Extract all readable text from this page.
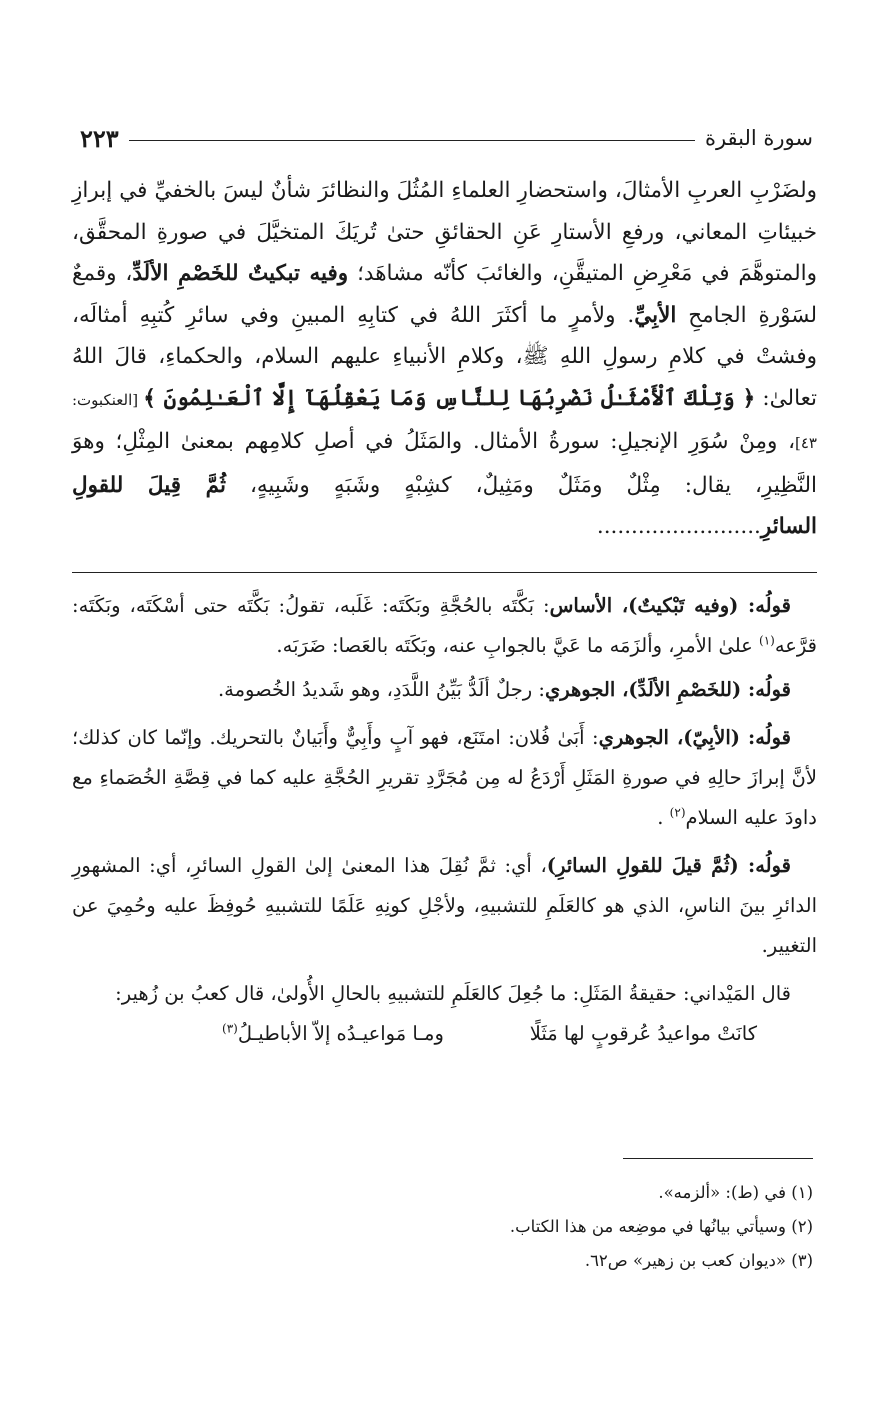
سورة البقرة
٢٢٣

ولضَرْبِ العربِ الأمثالَ، واستحضارِ العلماءِ المُثُلَ والنظائرَ شأنٌ ليسَ بالخفيِّ في إبرازِ خبيئاتِ المعاني، ورفعِ الأستارِ عَنِ الحقائقِ حتىٰ تُريَكَ المتخيَّلَ في صورةِ المحقَّق، والمتوهَّمَ في مَعْرِضِ المتيقَّنِ، والغائبَ كأنّه مشاهَد؛ وفيه تبكيتٌ للخَصْمِ الألَدِّ، وقمعٌ لسَوْرةِ الجامحِ الأبِيِّ. ولأمرٍ ما أكثَرَ اللهُ في كتابِهِ المبينِ وفي سائرِ كُتبِهِ أمثالَه، وفشتْ في كلامِ رسولِ اللهِ ﷺ، وكلامِ الأنبياءِ عليهم السلام، والحكماءِ، قالَ اللهُ تعالىٰ: ﴿ وَتِلْكَ ٱلْأَمْثَـٰلُ نَضْرِبُهَا لِلنَّاسِ وَمَا يَعْقِلُهَآ إِلَّا ٱلْعَـٰلِمُونَ ﴾ [العنكبوت: ٤٣]، ومِنْ سُوَرِ الإنجيلِ: سورةُ الأمثال. والمَثَلُ في أصلِ كلامِهم بمعنىٰ المِثْلِ؛ وهوَ النَّظِيرِ، يقال: مِثْلٌ ومَثَلٌ ومَثِيلٌ، كشِبْهٍ وشَبَهٍ وشَبِيهٍ، ثُمَّ قِيلَ للقولِ السائرِ........................

قولُه: (وفيه تَبْكيتٌ)، الأساس: بَكَّتَه بالحُجَّةِ وبَكَتَه: غَلَبه، تقولُ: بَكَّتَه حتى أسْكَتَه، وبَكَتَه: قرَّعه$^{(١)}$ علىٰ الأمرِ، وألزَمَه ما عَيَّ بالجوابِ عنه، وبَكَتَه بالعَصا: ضَرَبَه.

قولُه: (للخَصْمِ الألَدِّ)، الجوهري: رجلٌ ألَدُّ بَيِّنُ اللَّدَدِ، وهو شَديدُ الخُصومة.

قولُه: (الأبِيّ)، الجوهري: أَبَىٰ فُلان: امتَنَع، فهو آبٍ وأَبِيٌّ وأَبَيانٌ بالتحريك. وإنّما كان كذلك؛ لأنَّ إبرازَ حالِهِ في صورةِ المَثَلِ أَرْدَعُ له مِن مُجَرَّدِ تقريرِ الحُجَّةِ عليه كما في قِصَّةِ الخُصَماءِ مع داودَ عليه السلام$^{(٢)}$ .

قولُه: (ثُمَّ قيلَ للقولِ السائرِ)، أي: ثمَّ نُقِلَ هذا المعنىٰ إلىٰ القولِ السائرِ، أي: المشهورِ الدائرِ بينَ الناسِ، الذي هو كالعَلَمِ للتشبيهِ، ولأجْلِ كونِهِ عَلَمًا للتشبيهِ حُوفِظَ عليه وحُمِيَ عن التغيير.

قال المَيْداني: حقيقةُ المَثَلِ: ما جُعِلَ كالعَلَمِ للتشبيهِ بالحالِ الأُولىٰ، قال كعبُ بن زُهير:

كانَتْ مواعيدُ عُرقوبٍ لها مَثَلًا
ومـا مَواعيـدُه إلاّ الأباطيـلُ$^{(٣)}$
(١) في (ط): «ألزمه».
(٢) وسيأتي بيانُها في موضِعه من هذا الكتاب.
(٣) «ديوان كعب بن زهير» ص٦٢.
